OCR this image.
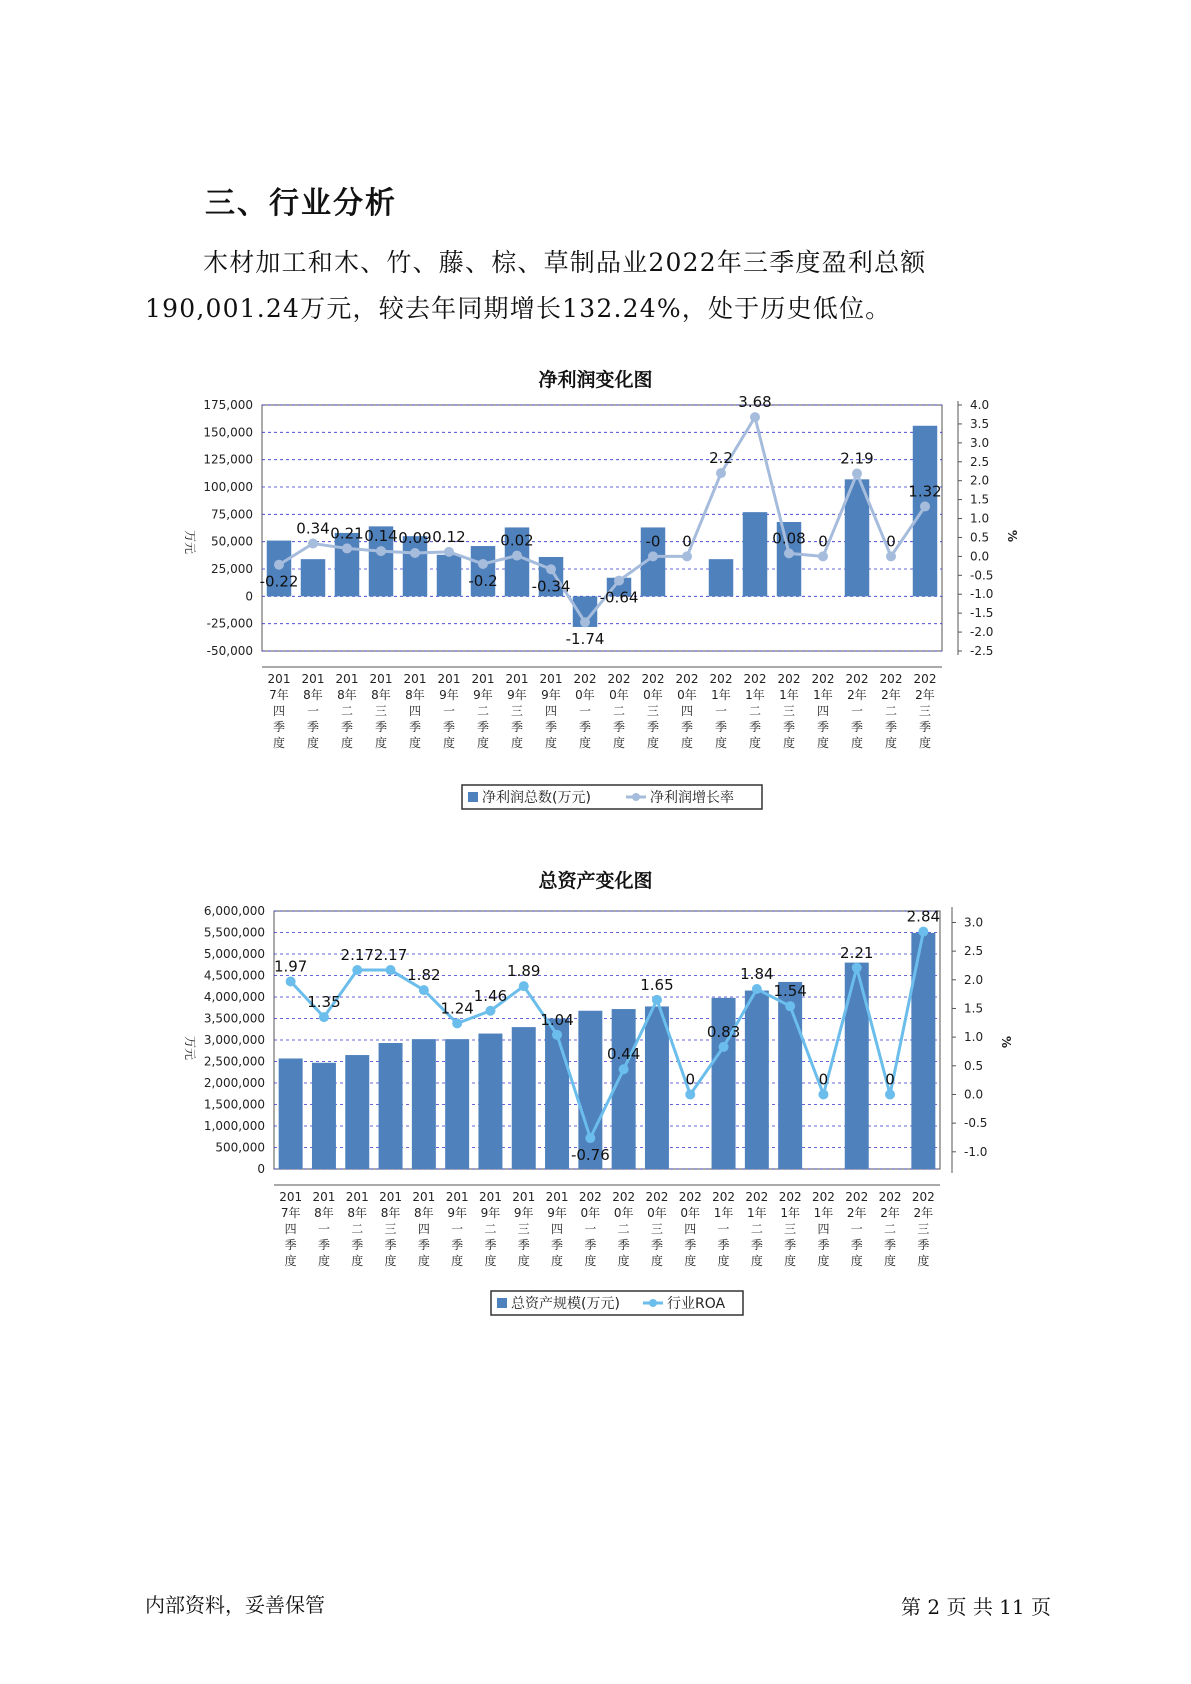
三、行业分析
木材加工和木、竹、藤、棕、草制品业2022年三季度盈利总额190,001.24万元，较去年同期增长132.24%，处于历史低位。
净利润变化图
175,000
150,000
125,000
100,000
75,000
50,000
25,000
0
-25,000
-50,000
4.0
3.5
3.0
2.5
2.0
1.5
1.0
0.5
0.0
-0.5
-1.0
-1.5
-2.0
-2.5
万元	%
-0.22
0.34 0.21 0.14 0.09 0.12
-0.2
0.02
-0.34
-1.74
-0.64
-0 0
2.2
3.68
0.08 0
2.19
0
1.32
201 7年四季度
201 8年一季度
201 8年二季度
201 8年三季度
201 8年四季度
201 9年一季度
201 9年二季度
201 9年三季度
201 9年四季度
202 0年一季度
202 0年二季度
202 0年三季度
202 0年四季度
202 1年一季度
202 1年二季度
202 1年三季度
202 1年四季度
202 2年一季度
202 2年二季度
202 2年三季度
净利润总数(万元)	净利润增长率
总资产变化图
6,000,000
5,500,000
5,000,000
4,500,000
4,000,000
3,500,000
3,000,000
2,500,000
2,000,000
1,500,000
1,000,000
500,000
0
3.0
2.5
2.0
1.5
1.0
0.5
0.0
-0.5
-1.0
万元	%
1.97
1.35
2.17 2.17
1.82
1.24
1.46
1.89
1.04
-0.76
0.44
1.65
0
0.83
1.84
1.54
0
2.21
0
2.84
201 7年四季度
201 8年一季度
201 8年二季度
201 8年三季度
201 8年四季度
201 9年一季度
201 9年二季度
201 9年三季度
201 9年四季度
202 0年一季度
202 0年二季度
202 0年三季度
202 0年四季度
202 1年一季度
202 1年二季度
202 1年三季度
202 1年四季度
202 2年一季度
202 2年二季度
202 2年三季度
总资产规模(万元)	行业ROA
内部资料，妥善保管	第 2 页 共 11 页
